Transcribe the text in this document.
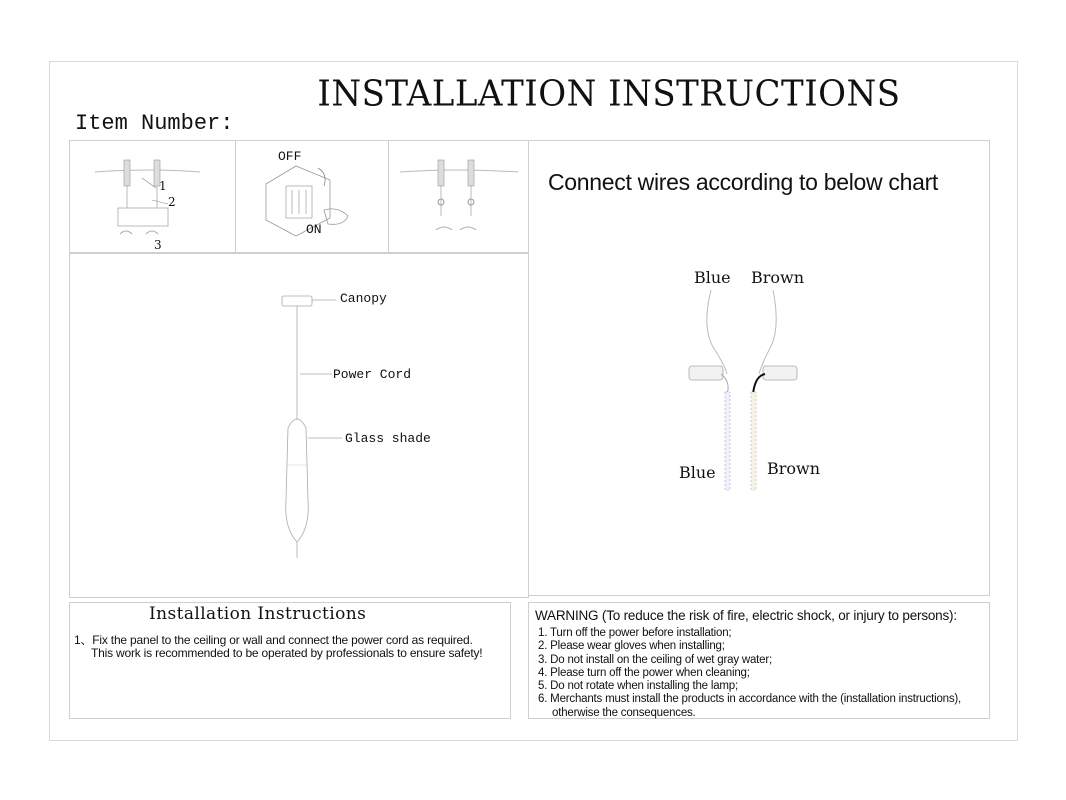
INSTALLATION INSTRUCTIONS
Item Number:
1
2
3
OFF
ON
Canopy
Power Cord
Glass shade
Connect wires according to below chart
Blue Brown
Blue	Brown
Installation Instructions
1、Fix the panel to the ceiling or wall and connect the power cord as required.
This work is recommended to be operated by professionals to ensure safety!
WARNING (To reduce the risk of fire, electric shock, or injury to persons):
1. Turn off the power before installation;
2. Please wear gloves when installing;
3. Do not install on the ceiling of wet gray water;
4. Please turn off the power when cleaning;
5. Do not rotate when installing the lamp;
6. Merchants must install the products in accordance with the (installation instructions),
otherwise the consequences.
